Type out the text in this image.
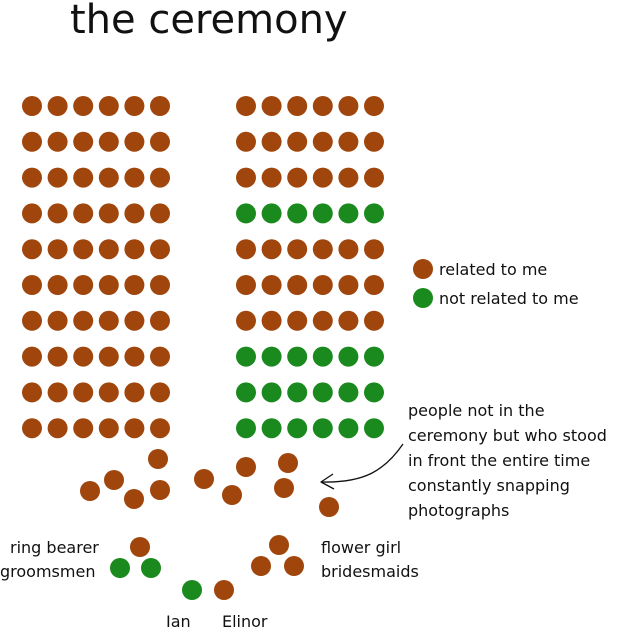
the ceremony
related to me
not related to me
people not in the
ceremony but who stood
in front the entire time
constantly snapping
photographs
ring bearer
groomsmen
flower girl
bridesmaids
Ian Elinor
